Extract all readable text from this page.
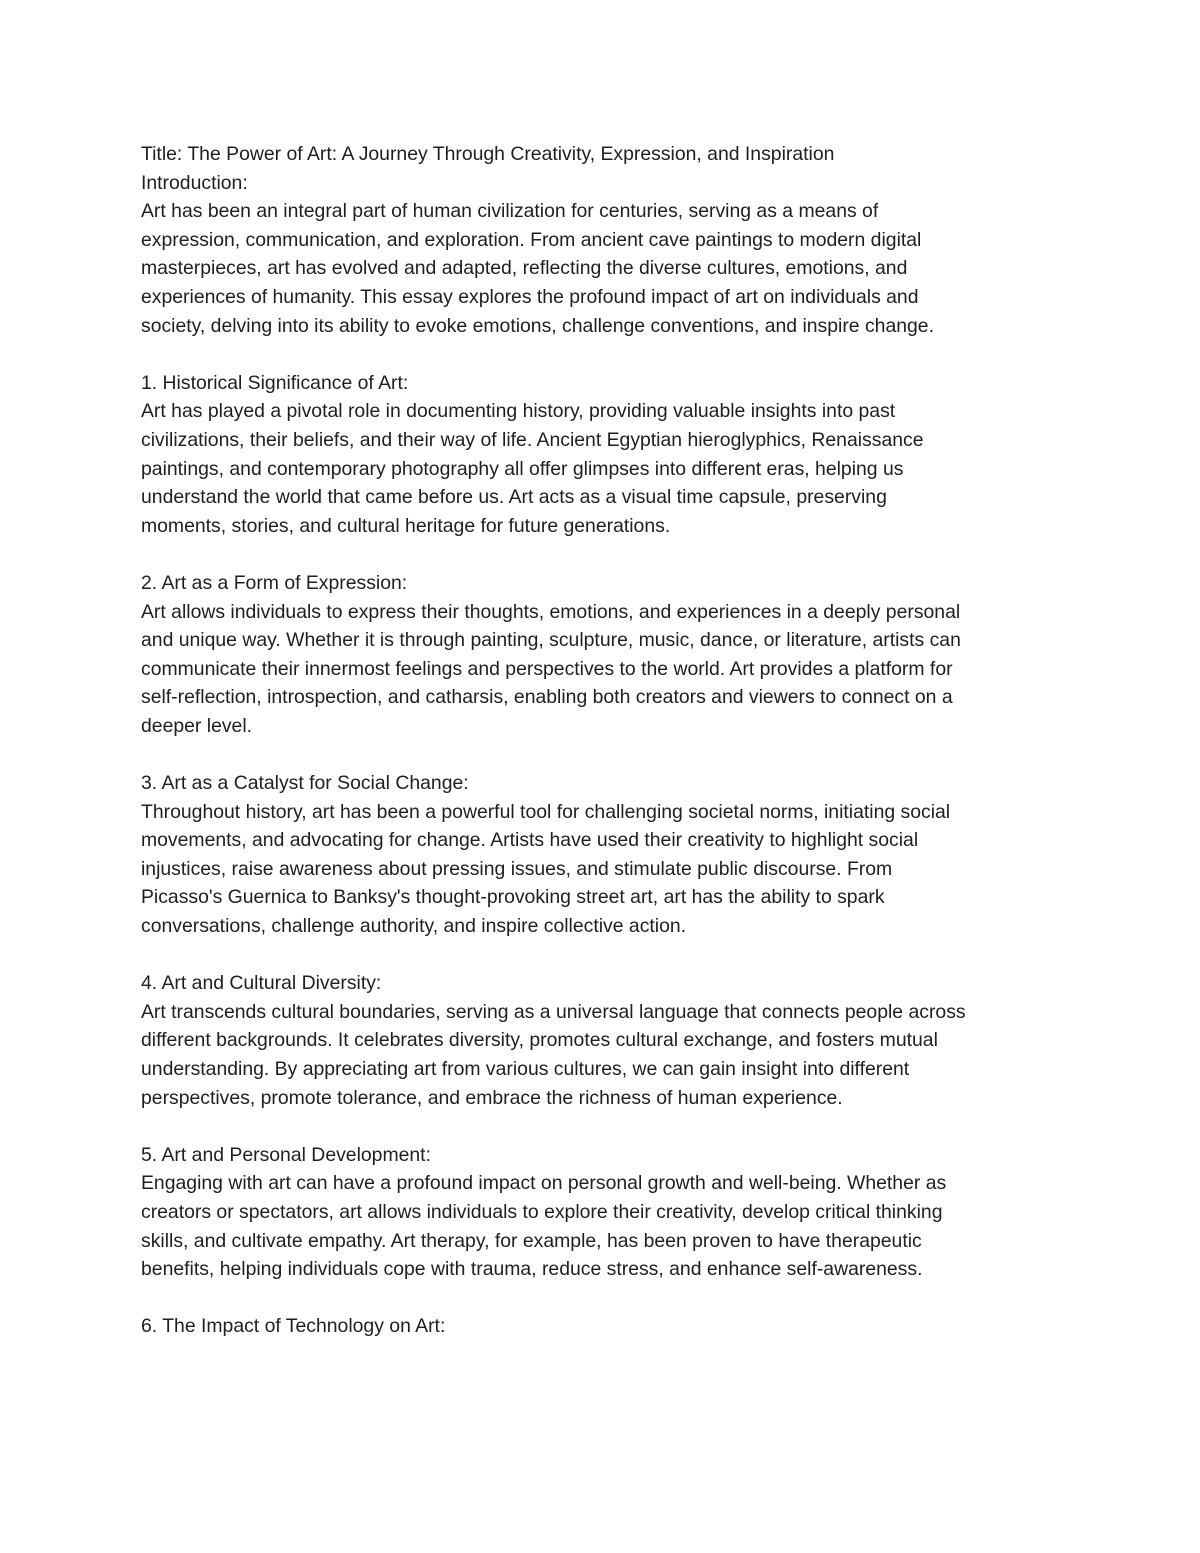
Title: The Power of Art: A Journey Through Creativity, Expression, and Inspiration

Introduction:

Art has been an integral part of human civilization for centuries, serving as a means of
expression, communication, and exploration. From ancient cave paintings to modern digital
masterpieces, art has evolved and adapted, reflecting the diverse cultures, emotions, and
experiences of humanity. This essay explores the profound impact of art on individuals and
society, delving into its ability to evoke emotions, challenge conventions, and inspire change.

1. Historical Significance of Art:

Art has played a pivotal role in documenting history, providing valuable insights into past
civilizations, their beliefs, and their way of life. Ancient Egyptian hieroglyphics, Renaissance
paintings, and contemporary photography all offer glimpses into different eras, helping us
understand the world that came before us. Art acts as a visual time capsule, preserving
moments, stories, and cultural heritage for future generations.

2. Art as a Form of Expression:

Art allows individuals to express their thoughts, emotions, and experiences in a deeply personal
and unique way. Whether it is through painting, sculpture, music, dance, or literature, artists can
communicate their innermost feelings and perspectives to the world. Art provides a platform for
self-reflection, introspection, and catharsis, enabling both creators and viewers to connect on a
deeper level.

3. Art as a Catalyst for Social Change:

Throughout history, art has been a powerful tool for challenging societal norms, initiating social
movements, and advocating for change. Artists have used their creativity to highlight social
injustices, raise awareness about pressing issues, and stimulate public discourse. From
Picasso's Guernica to Banksy's thought-provoking street art, art has the ability to spark
conversations, challenge authority, and inspire collective action.

4. Art and Cultural Diversity:

Art transcends cultural boundaries, serving as a universal language that connects people across
different backgrounds. It celebrates diversity, promotes cultural exchange, and fosters mutual
understanding. By appreciating art from various cultures, we can gain insight into different
perspectives, promote tolerance, and embrace the richness of human experience.

5. Art and Personal Development:

Engaging with art can have a profound impact on personal growth and well-being. Whether as
creators or spectators, art allows individuals to explore their creativity, develop critical thinking
skills, and cultivate empathy. Art therapy, for example, has been proven to have therapeutic
benefits, helping individuals cope with trauma, reduce stress, and enhance self-awareness.

6. The Impact of Technology on Art:
